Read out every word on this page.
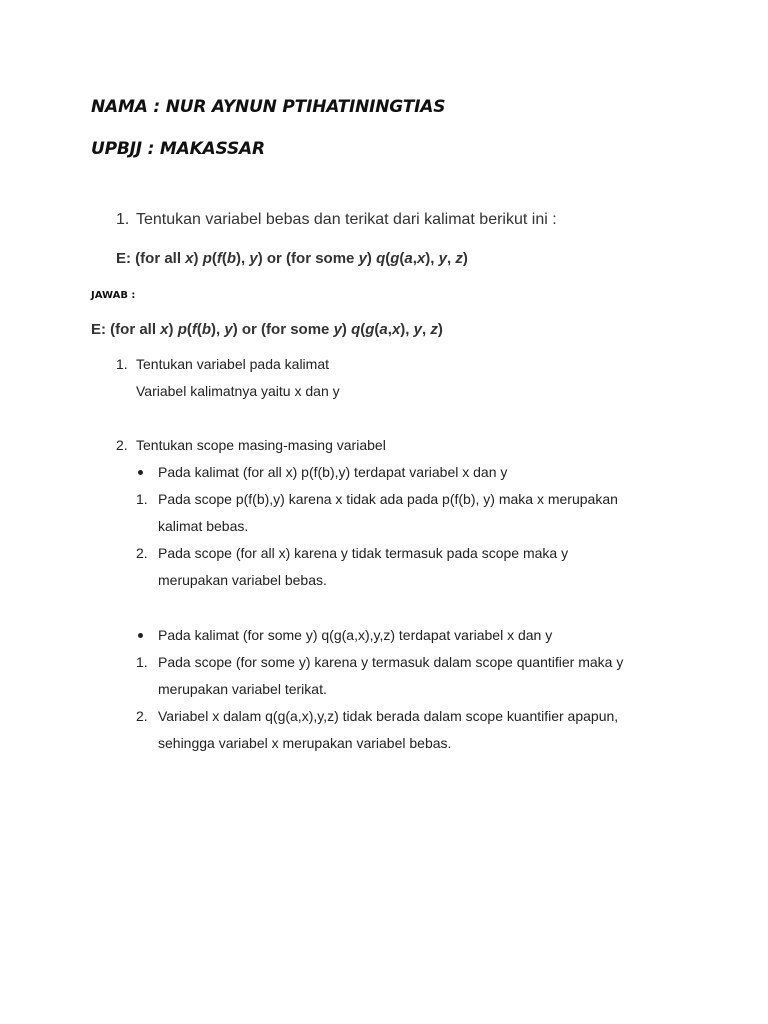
NAMA : NUR AYNUN PTIHATININGTIAS
UPBJJ : MAKASSAR
1. Tentukan variabel bebas dan terikat dari kalimat berikut ini :
E: (for all x) p(f(b), y) or (for some y) q(g(a,x), y, z)
JAWAB :
E: (for all x) p(f(b), y) or (for some y) q(g(a,x), y, z)
1. Tentukan variabel pada kalimat
Variabel kalimatnya yaitu x dan y
2. Tentukan scope masing-masing variabel
Pada kalimat (for all x) p(f(b),y) terdapat variabel x dan y
1. Pada scope p(f(b),y) karena x tidak ada pada p(f(b), y) maka x merupakan
kalimat bebas.
2. Pada scope (for all x) karena y tidak termasuk pada scope maka y
merupakan variabel bebas.
Pada kalimat (for some y) q(g(a,x),y,z) terdapat variabel x dan y
1. Pada scope (for some y) karena y termasuk dalam scope quantifier maka y
merupakan variabel terikat.
2. Variabel x dalam q(g(a,x),y,z) tidak berada dalam scope kuantifier apapun,
sehingga variabel x merupakan variabel bebas.
